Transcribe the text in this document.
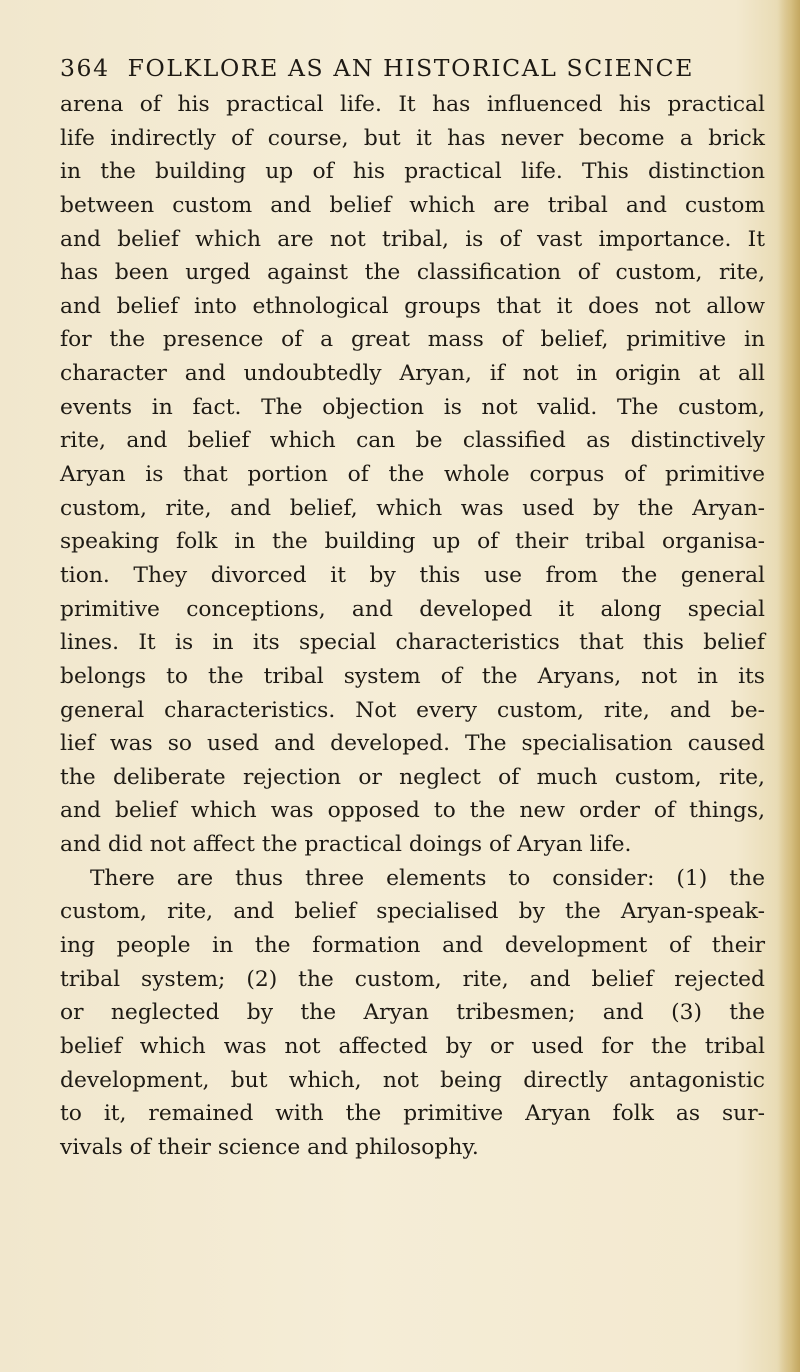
364 FOLKLORE AS AN HISTORICAL SCIENCE
arena of his practical life. It has influenced his practical
life indirectly of course, but it has never become a brick
in the building up of his practical life. This distinction
between custom and belief which are tribal and custom
and belief which are not tribal, is of vast importance. It
has been urged against the classification of custom, rite,
and belief into ethnological groups that it does not allow
for the presence of a great mass of belief, primitive in
character and undoubtedly Aryan, if not in origin at all
events in fact. The objection is not valid. The custom,
rite, and belief which can be classified as distinctively
Aryan is that portion of the whole corpus of primitive
custom, rite, and belief, which was used by the Aryan-
speaking folk in the building up of their tribal organisa-
tion. They divorced it by this use from the general
primitive conceptions, and developed it along special
lines. It is in its special characteristics that this belief
belongs to the tribal system of the Aryans, not in its
general characteristics. Not every custom, rite, and be-
lief was so used and developed. The specialisation caused
the deliberate rejection or neglect of much custom, rite,
and belief which was opposed to the new order of things,
and did not affect the practical doings of Aryan life.
There are thus three elements to consider: (1) the
custom, rite, and belief specialised by the Aryan-speak-
ing people in the formation and development of their
tribal system; (2) the custom, rite, and belief rejected
or neglected by the Aryan tribesmen; and (3) the
belief which was not affected by or used for the tribal
development, but which, not being directly antagonistic
to it, remained with the primitive Aryan folk as sur-
vivals of their science and philosophy.
